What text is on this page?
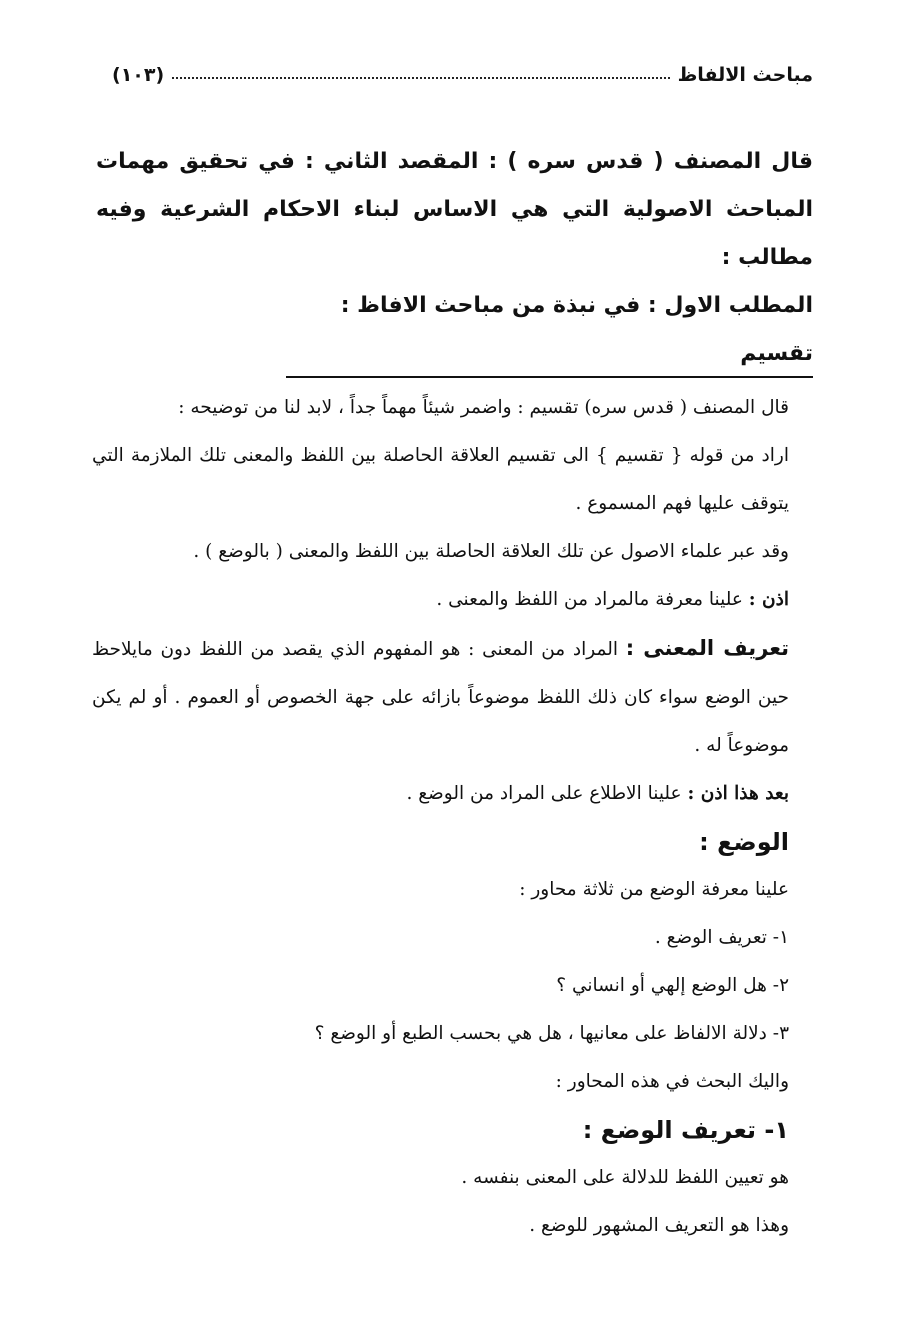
مباحث الالفاظ
(١٠٣)

قال المصنف ( قدس سره ) : المقصد الثاني : في تحقيق مهمات المباحث الاصولية التي هي الاساس لبناء الاحكام الشرعية وفيه مطالب :

المطلب الاول : في نبذة من مباحث الافاظ :

تقسيم

قال المصنف ( قدس سره) تقسيم : واضمر شيئاً مهماً جداً ، لابد لنا من توضيحه :

اراد من قوله { تقسيم } الى تقسيم العلاقة الحاصلة بين اللفظ والمعنى تلك الملازمة التي يتوقف عليها فهم المسموع .

وقد عبر علماء الاصول عن تلك العلاقة الحاصلة بين اللفظ والمعنى ( بالوضع ) .

اذن : علينا معرفة مالمراد من اللفظ والمعنى .

تعريف المعنى : المراد من المعنى : هو المفهوم الذي يقصد من اللفظ دون مايلاحظ حين الوضع سواء كان ذلك اللفظ موضوعاً بازائه على جهة الخصوص أو العموم . أو لم يكن موضوعاً له .

بعد هذا اذن : علينا الاطلاع على المراد من الوضع .

الوضع :

علينا معرفة الوضع من ثلاثة محاور :

١- تعريف الوضع .

٢- هل الوضع إلهي أو انساني ؟

٣- دلالة الالفاظ على معانيها ، هل هي بحسب الطبع أو الوضع ؟

واليك البحث في هذه المحاور :

١- تعريف الوضع :

هو تعيين اللفظ للدلالة على المعنى بنفسه .

وهذا هو التعريف المشهور للوضع .
